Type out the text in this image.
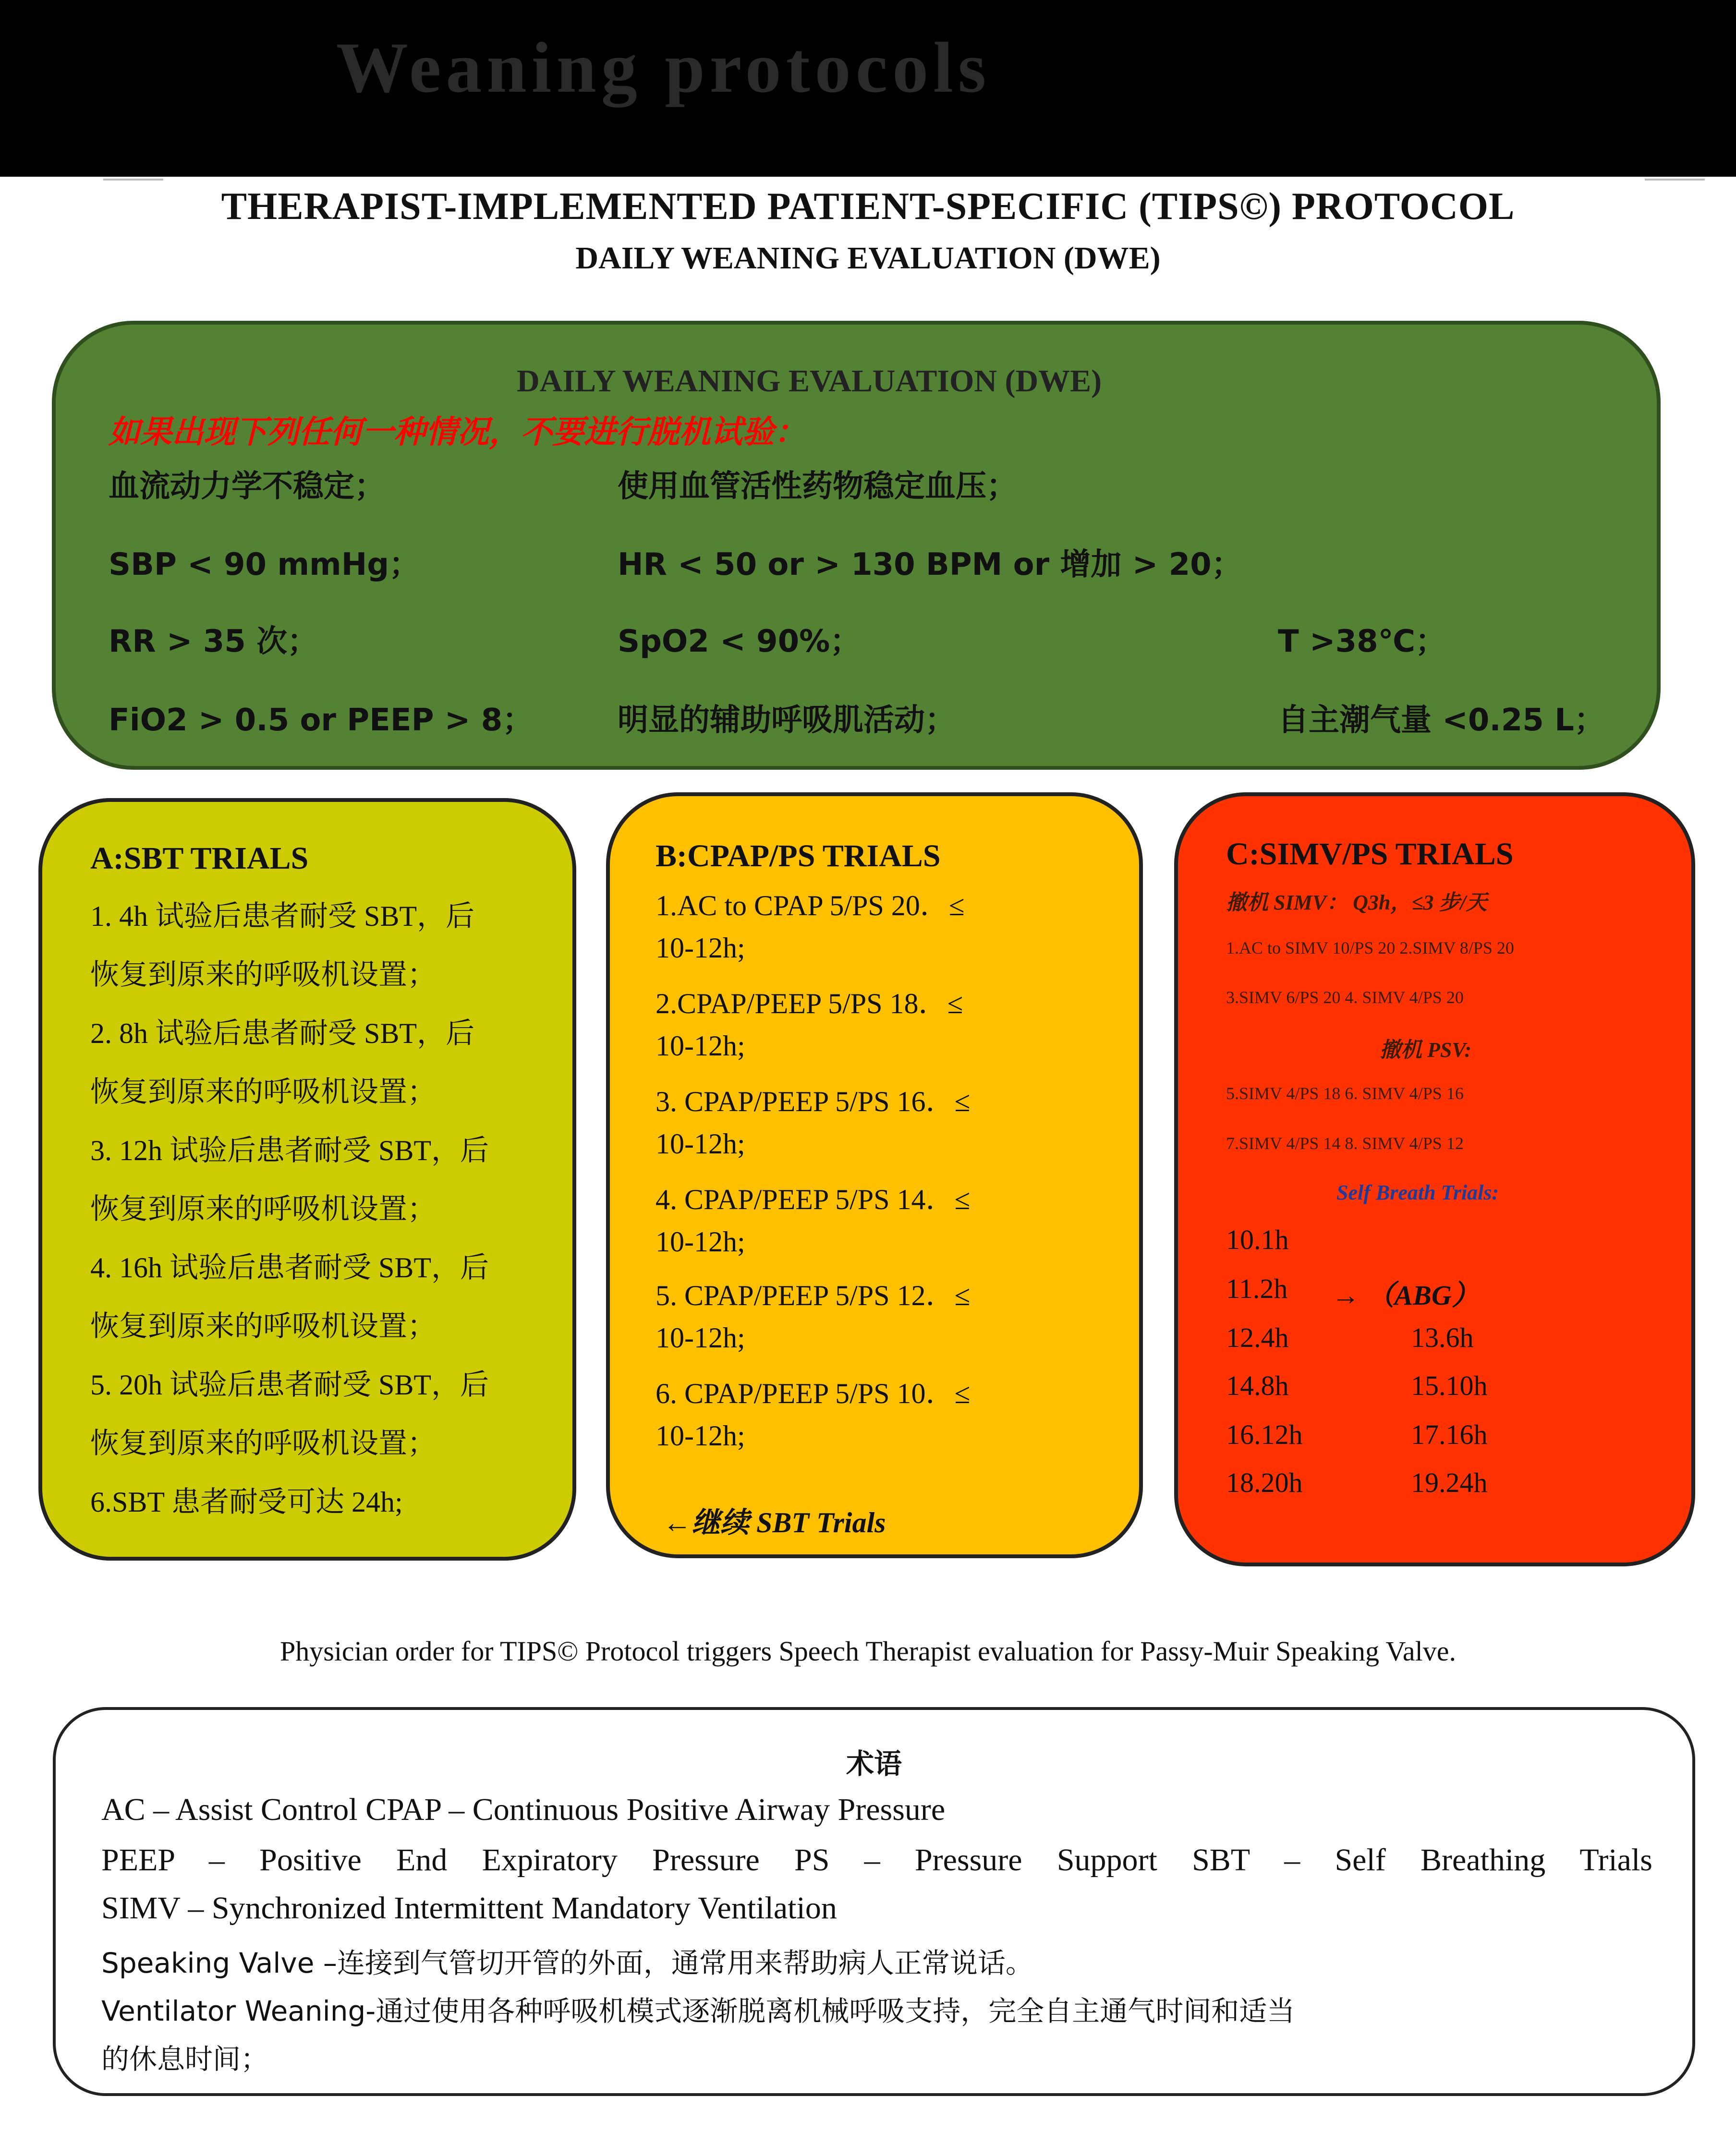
Weaning protocols
THERAPIST-IMPLEMENTED PATIENT-SPECIFIC (TIPS©) PROTOCOL
DAILY WEANING EVALUATION (DWE)
DAILY WEANING EVALUATION (DWE)
如果出现下列任何一种情况，不要进行脱机试验：
血流动力学不稳定；	使用血管活性药物稳定血压；
SBP < 90 mmHg；	HR < 50 or > 130 BPM or 增加 > 20；
RR > 35 次；	SpO2 < 90%；	T >38℃；
FiO2 > 0.5 or PEEP > 8；	明显的辅助呼吸肌活动；	自主潮气量 <0.25 L；
A:SBT TRIALS
1. 4h 试验后患者耐受 SBT，后
恢复到原来的呼吸机设置；
2. 8h 试验后患者耐受 SBT，后
恢复到原来的呼吸机设置；
3. 12h 试验后患者耐受 SBT，后
恢复到原来的呼吸机设置；
4. 16h 试验后患者耐受 SBT，后
恢复到原来的呼吸机设置；
5. 20h 试验后患者耐受 SBT，后
恢复到原来的呼吸机设置；
6.SBT 患者耐受可达 24h;
B:CPAP/PS TRIALS
1.AC to CPAP 5/PS 20．≤
10-12h;
2.CPAP/PEEP 5/PS 18．≤
10-12h;
3. CPAP/PEEP 5/PS 16．≤
10-12h;
4. CPAP/PEEP 5/PS 14．≤
10-12h;
5. CPAP/PEEP 5/PS 12．≤
10-12h;
6. CPAP/PEEP 5/PS 10．≤
10-12h;
←继续 SBT Trials
C:SIMV/PS TRIALS
撤机 SIMV： Q3h，≤3 步/天
1.AC to SIMV 10/PS 20 2.SIMV 8/PS 20
3.SIMV 6/PS 20 4. SIMV 4/PS 20
撤机 PSV:
5.SIMV 4/PS 18 6. SIMV 4/PS 16
7.SIMV 4/PS 14 8. SIMV 4/PS 12
Self Breath Trials:
10.1h
11.2h → （ABG）
12.4h	13.6h
14.8h	15.10h
16.12h	17.16h
18.20h	19.24h
Physician order for TIPS© Protocol triggers Speech Therapist evaluation for Passy-Muir Speaking Valve.
术语
AC – Assist Control CPAP – Continuous Positive Airway Pressure
PEEP – Positive End Expiratory Pressure PS – Pressure Support SBT – Self Breathing Trials
SIMV – Synchronized Intermittent Mandatory Ventilation
Speaking Valve –连接到气管切开管的外面，通常用来帮助病人正常说话。
Ventilator Weaning-通过使用各种呼吸机模式逐渐脱离机械呼吸支持，完全自主通气时间和适当
的休息时间；
